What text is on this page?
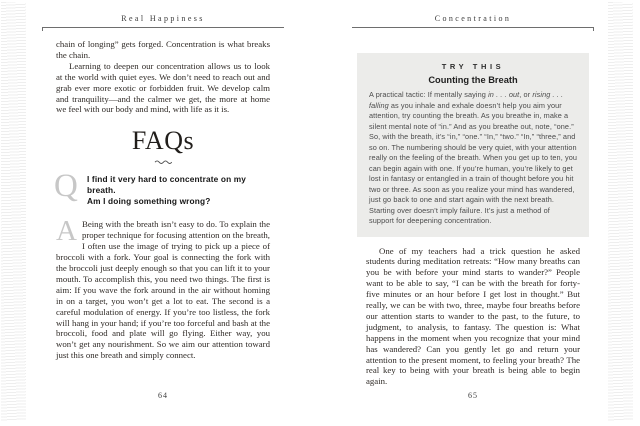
Real Happiness

chain of longing” gets forged. Concentration is what breaks the chain.

Learning to deepen our concentration allows us to look at the world with quiet eyes. We don’t need to reach out and grab ever more exotic or forbidden fruit. We develop calm and tranquility—and the calmer we get, the more at home we feel with our body and mind, with life as it is.

FAQs
Q I find it very hard to concentrate on my breath.
Am I doing something wrong?
A Being with the breath isn’t easy to do. To explain the proper technique for focusing attention on the breath, I often use the image of trying to pick up a piece of broccoli with a fork. Your goal is connecting the fork with the broccoli just deeply enough so that you can lift it to your mouth. To accomplish this, you need two things. The first is aim: If you wave the fork around in the air without homing in on a target, you won’t get a lot to eat. The second is a careful modulation of energy. If you’re too listless, the fork will hang in your hand; if you’re too forceful and bash at the broccoli, food and plate will go flying. Either way, you won’t get any nourishment. So we aim our attention toward just this one breath and simply connect.
64
Concentration
TRY THIS
Counting the Breath
A practical tactic: If mentally saying in . . . out, or rising . . . falling as you inhale and exhale doesn’t help you aim your attention, try counting the breath. As you breathe in, make a silent mental note of “in.” And as you breathe out, note, “one.” So, with the breath, it’s “in,” “one.” “In,” “two.” “In,” “three,” and so on. The numbering should be very quiet, with your attention really on the feeling of the breath. When you get up to ten, you can begin again with one. If you’re human, you’re likely to get lost in fantasy or entangled in a train of thought before you hit two or three. As soon as you realize your mind has wandered, just go back to one and start again with the next breath. Starting over doesn’t imply failure. It’s just a method of support for deepening concentration.

One of my teachers had a trick question he asked students during meditation retreats: “How many breaths can you be with before your mind starts to wander?” People want to be able to say, “I can be with the breath for forty-five minutes or an hour before I get lost in thought.” But really, we can be with two, three, maybe four breaths before our attention starts to wander to the past, to the future, to judgment, to analysis, to fantasy. The question is: What happens in the moment when you recognize that your mind has wandered? Can you gently let go and return your attention to the present moment, to feeling your breath? The real key to being with your breath is being able to begin again.

65
